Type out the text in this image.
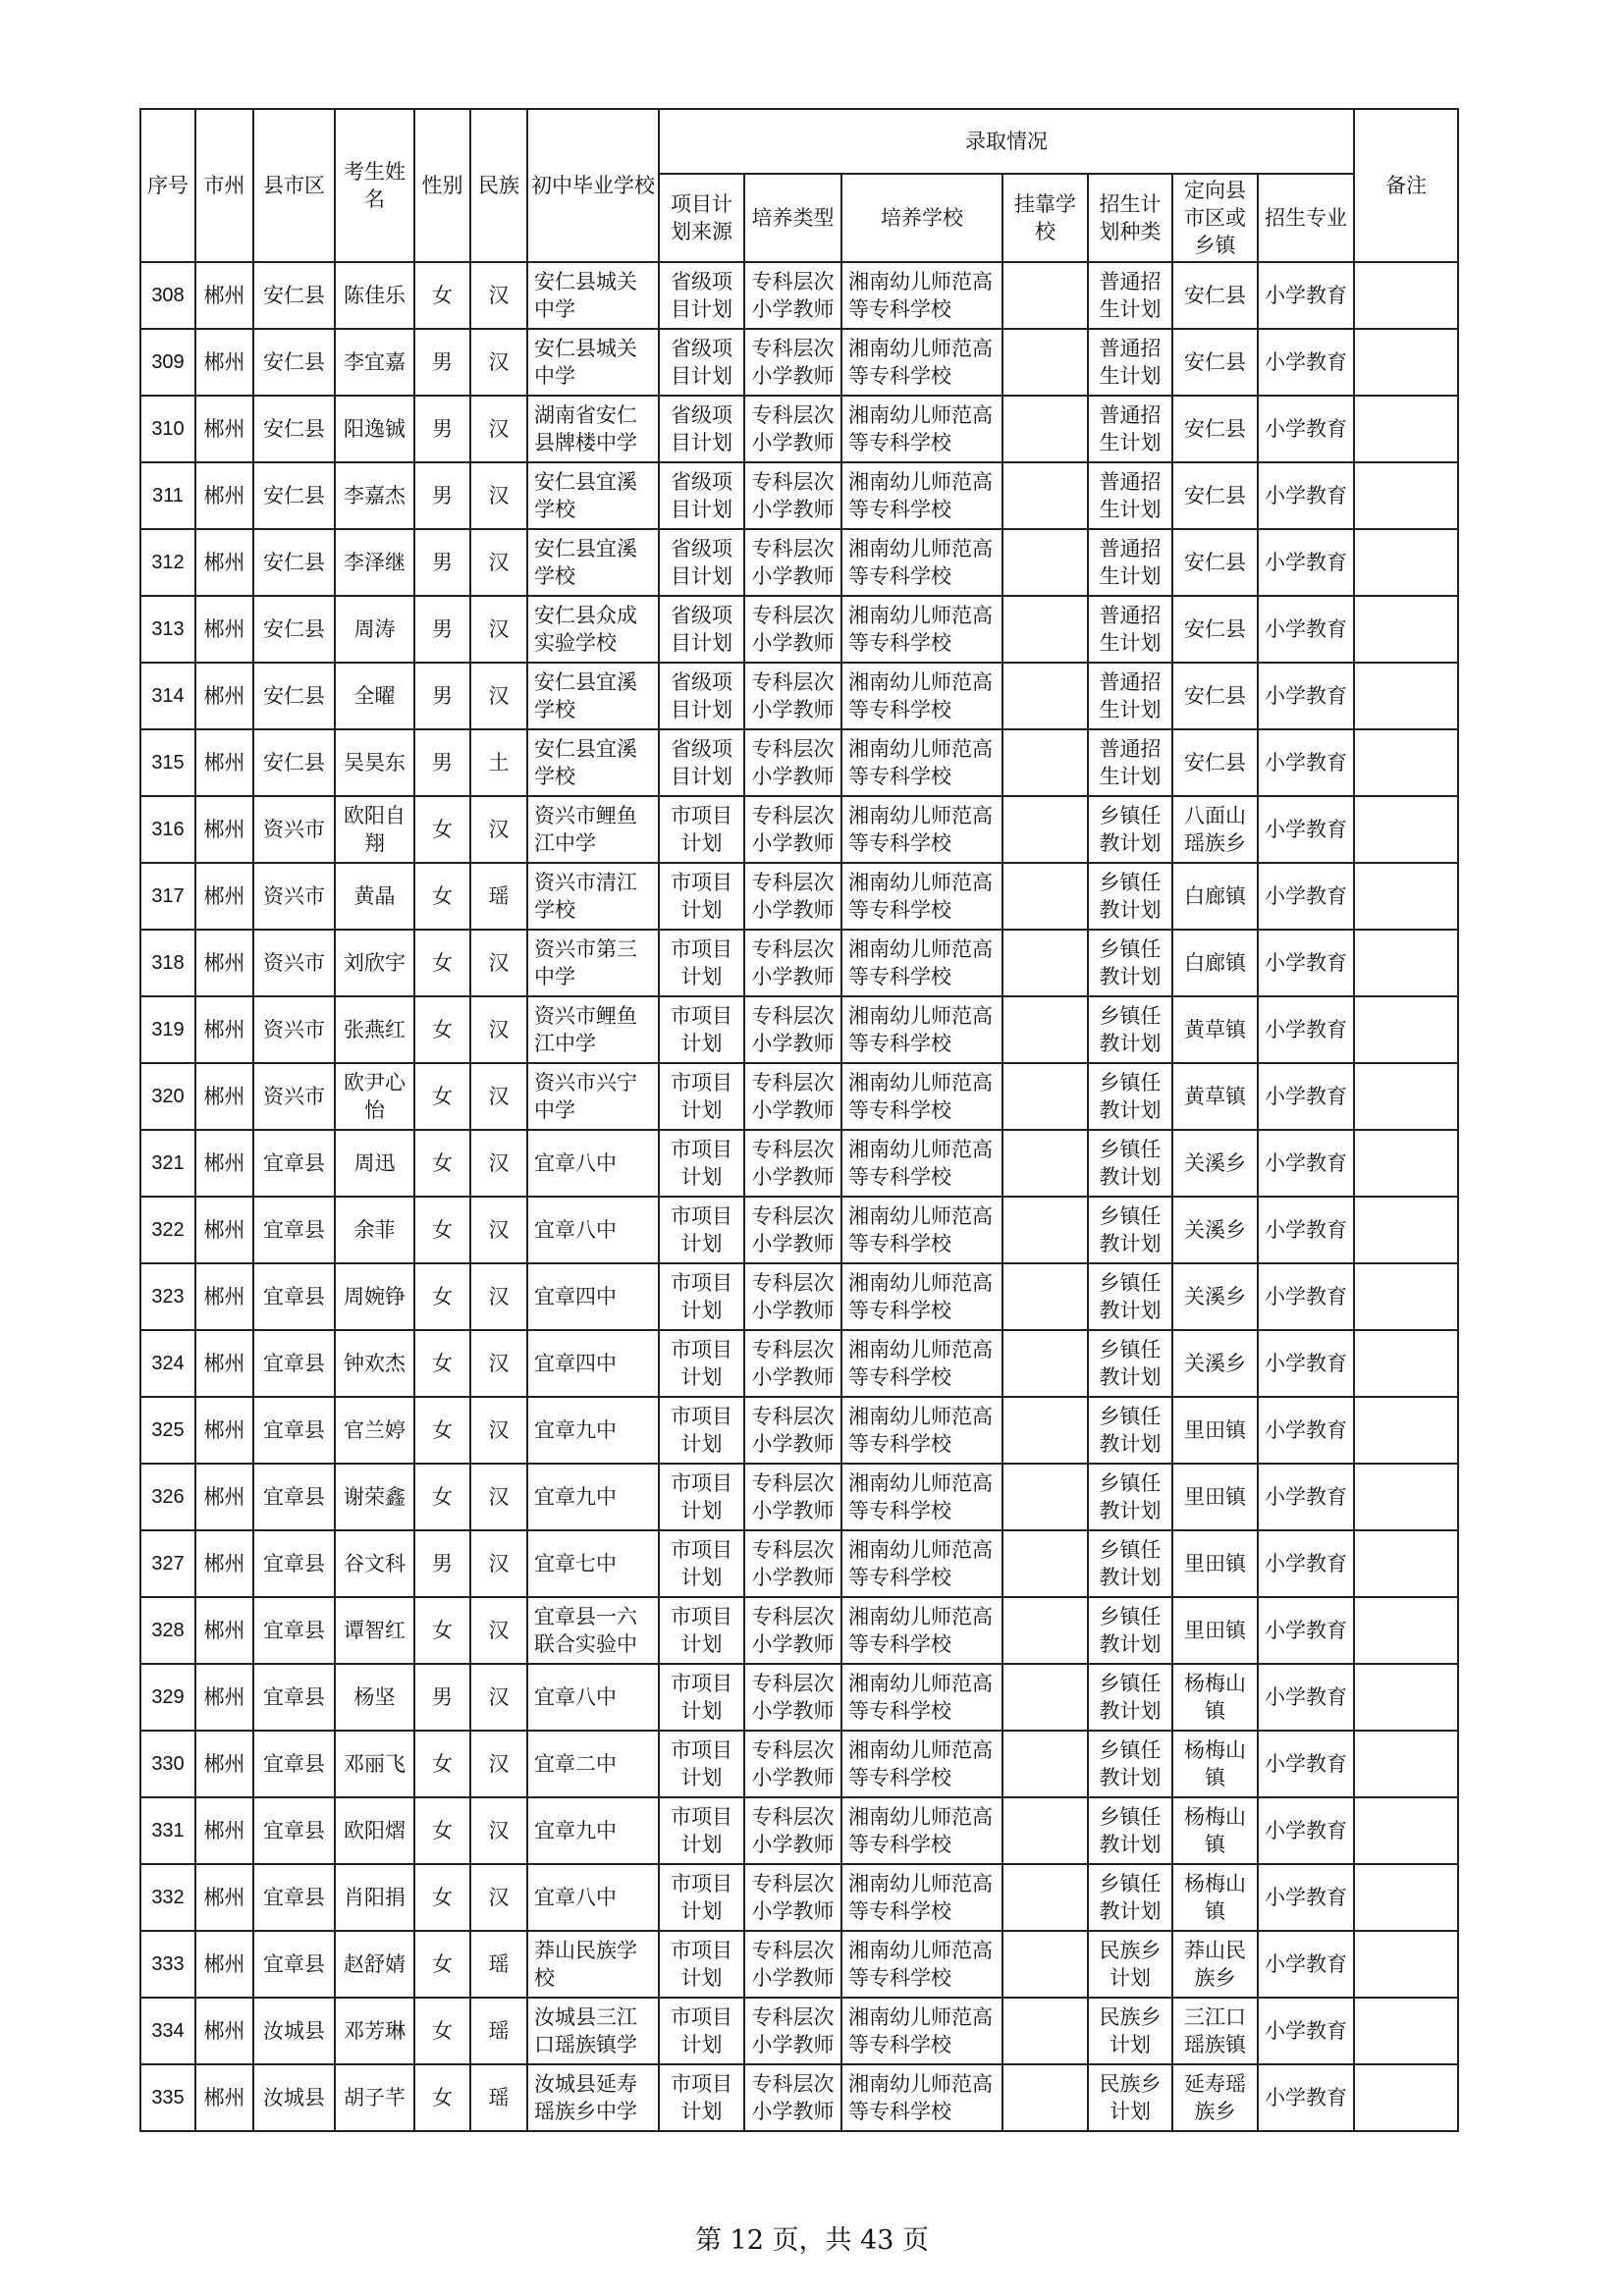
序号	市州	县市区	考生姓名	性别	民族	初中毕业学校	录取情况							备注
							项目计划来源	培养类型	培养学校	挂靠学校	招生计划种类	定向县市区或乡镇	招生专业	

308	郴州	安仁县	陈佳乐	女	汉	安仁县城关中学	省级项目计划	专科层次小学教师	湘南幼儿师范高等专科学校		普通招生计划	安仁县	小学教育	

309	郴州	安仁县	李宜嘉	男	汉	安仁县城关中学	省级项目计划	专科层次小学教师	湘南幼儿师范高等专科学校		普通招生计划	安仁县	小学教育	

310	郴州	安仁县	阳逸铖	男	汉	湖南省安仁县牌楼中学	省级项目计划	专科层次小学教师	湘南幼儿师范高等专科学校		普通招生计划	安仁县	小学教育	

311	郴州	安仁县	李嘉杰	男	汉	安仁县宜溪学校	省级项目计划	专科层次小学教师	湘南幼儿师范高等专科学校		普通招生计划	安仁县	小学教育	

312	郴州	安仁县	李泽继	男	汉	安仁县宜溪学校	省级项目计划	专科层次小学教师	湘南幼儿师范高等专科学校		普通招生计划	安仁县	小学教育	

313	郴州	安仁县	周涛	男	汉	安仁县众成实验学校	省级项目计划	专科层次小学教师	湘南幼儿师范高等专科学校		普通招生计划	安仁县	小学教育	

314	郴州	安仁县	全曜	男	汉	安仁县宜溪学校	省级项目计划	专科层次小学教师	湘南幼儿师范高等专科学校		普通招生计划	安仁县	小学教育	

315	郴州	安仁县	吴昊东	男	土	安仁县宜溪学校	省级项目计划	专科层次小学教师	湘南幼儿师范高等专科学校		普通招生计划	安仁县	小学教育	

316	郴州	资兴市	欧阳自翔	女	汉	资兴市鲤鱼江中学	市项目计划	专科层次小学教师	湘南幼儿师范高等专科学校		乡镇任教计划	八面山瑶族乡	小学教育	

317	郴州	资兴市	黄晶	女	瑶	资兴市清江学校	市项目计划	专科层次小学教师	湘南幼儿师范高等专科学校		乡镇任教计划	白廊镇	小学教育	

318	郴州	资兴市	刘欣宇	女	汉	资兴市第三中学	市项目计划	专科层次小学教师	湘南幼儿师范高等专科学校		乡镇任教计划	白廊镇	小学教育	

319	郴州	资兴市	张燕红	女	汉	资兴市鲤鱼江中学	市项目计划	专科层次小学教师	湘南幼儿师范高等专科学校		乡镇任教计划	黄草镇	小学教育	

320	郴州	资兴市	欧尹心怡	女	汉	资兴市兴宁中学	市项目计划	专科层次小学教师	湘南幼儿师范高等专科学校		乡镇任教计划	黄草镇	小学教育	

321	郴州	宜章县	周迅	女	汉	宜章八中	市项目计划	专科层次小学教师	湘南幼儿师范高等专科学校		乡镇任教计划	关溪乡	小学教育	

322	郴州	宜章县	余菲	女	汉	宜章八中	市项目计划	专科层次小学教师	湘南幼儿师范高等专科学校		乡镇任教计划	关溪乡	小学教育	

323	郴州	宜章县	周婉铮	女	汉	宜章四中	市项目计划	专科层次小学教师	湘南幼儿师范高等专科学校		乡镇任教计划	关溪乡	小学教育	

324	郴州	宜章县	钟欢杰	女	汉	宜章四中	市项目计划	专科层次小学教师	湘南幼儿师范高等专科学校		乡镇任教计划	关溪乡	小学教育	

325	郴州	宜章县	官兰婷	女	汉	宜章九中	市项目计划	专科层次小学教师	湘南幼儿师范高等专科学校		乡镇任教计划	里田镇	小学教育	

326	郴州	宜章县	谢荣鑫	女	汉	宜章九中	市项目计划	专科层次小学教师	湘南幼儿师范高等专科学校		乡镇任教计划	里田镇	小学教育	

327	郴州	宜章县	谷文科	男	汉	宜章七中	市项目计划	专科层次小学教师	湘南幼儿师范高等专科学校		乡镇任教计划	里田镇	小学教育	

328	郴州	宜章县	谭智红	女	汉	宜章县一六联合实验中	市项目计划	专科层次小学教师	湘南幼儿师范高等专科学校		乡镇任教计划	里田镇	小学教育	

329	郴州	宜章县	杨坚	男	汉	宜章八中	市项目计划	专科层次小学教师	湘南幼儿师范高等专科学校		乡镇任教计划	杨梅山镇	小学教育	

330	郴州	宜章县	邓丽飞	女	汉	宜章二中	市项目计划	专科层次小学教师	湘南幼儿师范高等专科学校		乡镇任教计划	杨梅山镇	小学教育	

331	郴州	宜章县	欧阳熠	女	汉	宜章九中	市项目计划	专科层次小学教师	湘南幼儿师范高等专科学校		乡镇任教计划	杨梅山镇	小学教育	

332	郴州	宜章县	肖阳捐	女	汉	宜章八中	市项目计划	专科层次小学教师	湘南幼儿师范高等专科学校		乡镇任教计划	杨梅山镇	小学教育	

333	郴州	宜章县	赵舒婧	女	瑶	莽山民族学校	市项目计划	专科层次小学教师	湘南幼儿师范高等专科学校		民族乡计划	莽山民族乡	小学教育	

334	郴州	汝城县	邓芳琳	女	瑶	汝城县三江口瑶族镇学	市项目计划	专科层次小学教师	湘南幼儿师范高等专科学校		民族乡计划	三江口瑶族镇	小学教育	

335	郴州	汝城县	胡子芊	女	瑶	汝城县延寿瑶族乡中学	市项目计划	专科层次小学教师	湘南幼儿师范高等专科学校		民族乡计划	延寿瑶族乡	小学教育	

第 12 页，共 43 页
